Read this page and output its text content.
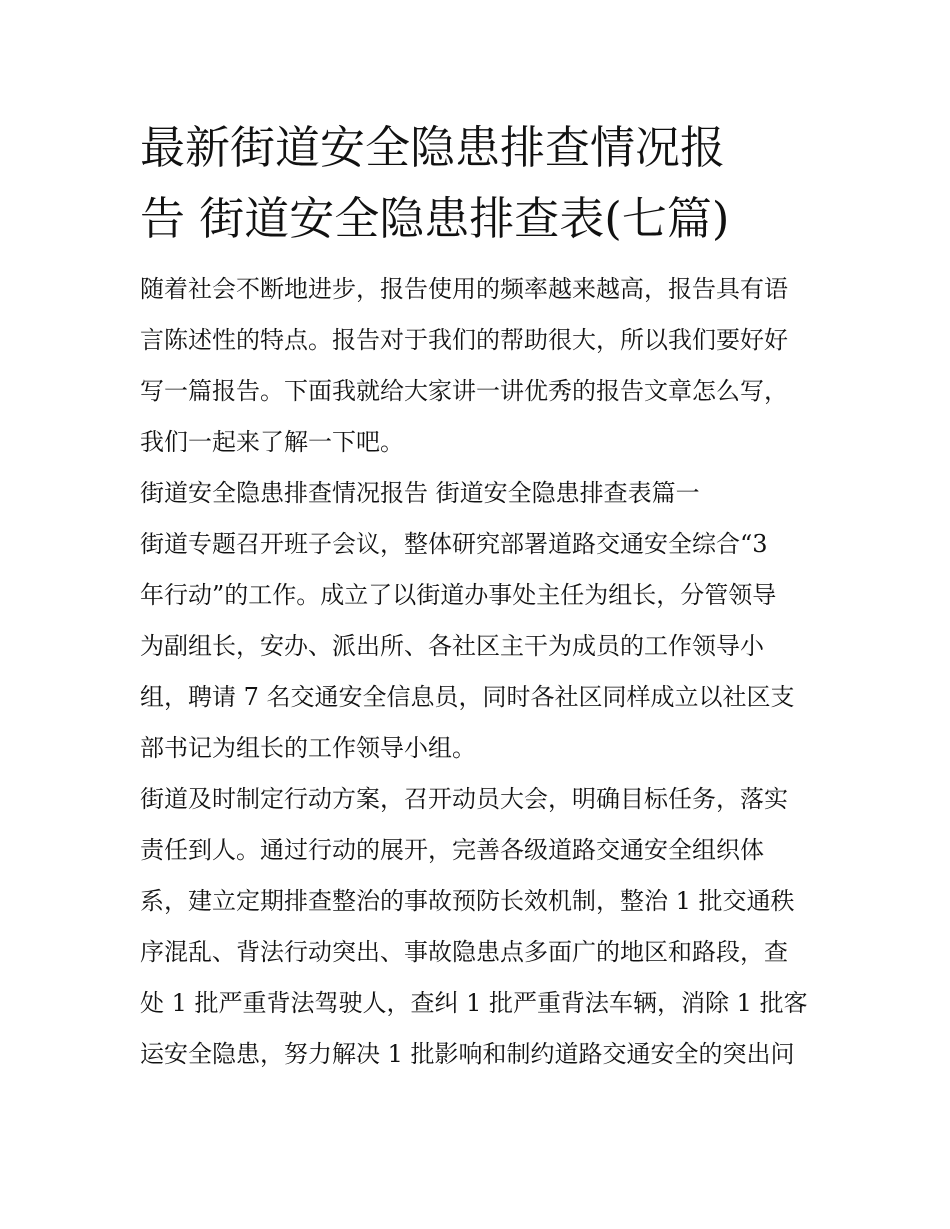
最新街道安全隐患排查情况报
告 街道安全隐患排查表(七篇)

随着社会不断地进步，报告使用的频率越来越高，报告具有语
言陈述性的特点。报告对于我们的帮助很大，所以我们要好好
写一篇报告。下面我就给大家讲一讲优秀的报告文章怎么写，
我们一起来了解一下吧。

街道安全隐患排查情况报告 街道安全隐患排查表篇一

街道专题召开班子会议，整体研究部署道路交通安全综合“3
年行动”的工作。成立了以街道办事处主任为组长，分管领导
为副组长，安办、派出所、各社区主干为成员的工作领导小
组，聘请 7 名交通安全信息员，同时各社区同样成立以社区支
部书记为组长的工作领导小组。

街道及时制定行动方案，召开动员大会，明确目标任务，落实
责任到人。通过行动的展开，完善各级道路交通安全组织体
系，建立定期排查整治的事故预防长效机制，整治 1 批交通秩
序混乱、背法行动突出、事故隐患点多面广的地区和路段，查
处 1 批严重背法驾驶人，查纠 1 批严重背法车辆，消除 1 批客
运安全隐患，努力解决 1 批影响和制约道路交通安全的突出问
